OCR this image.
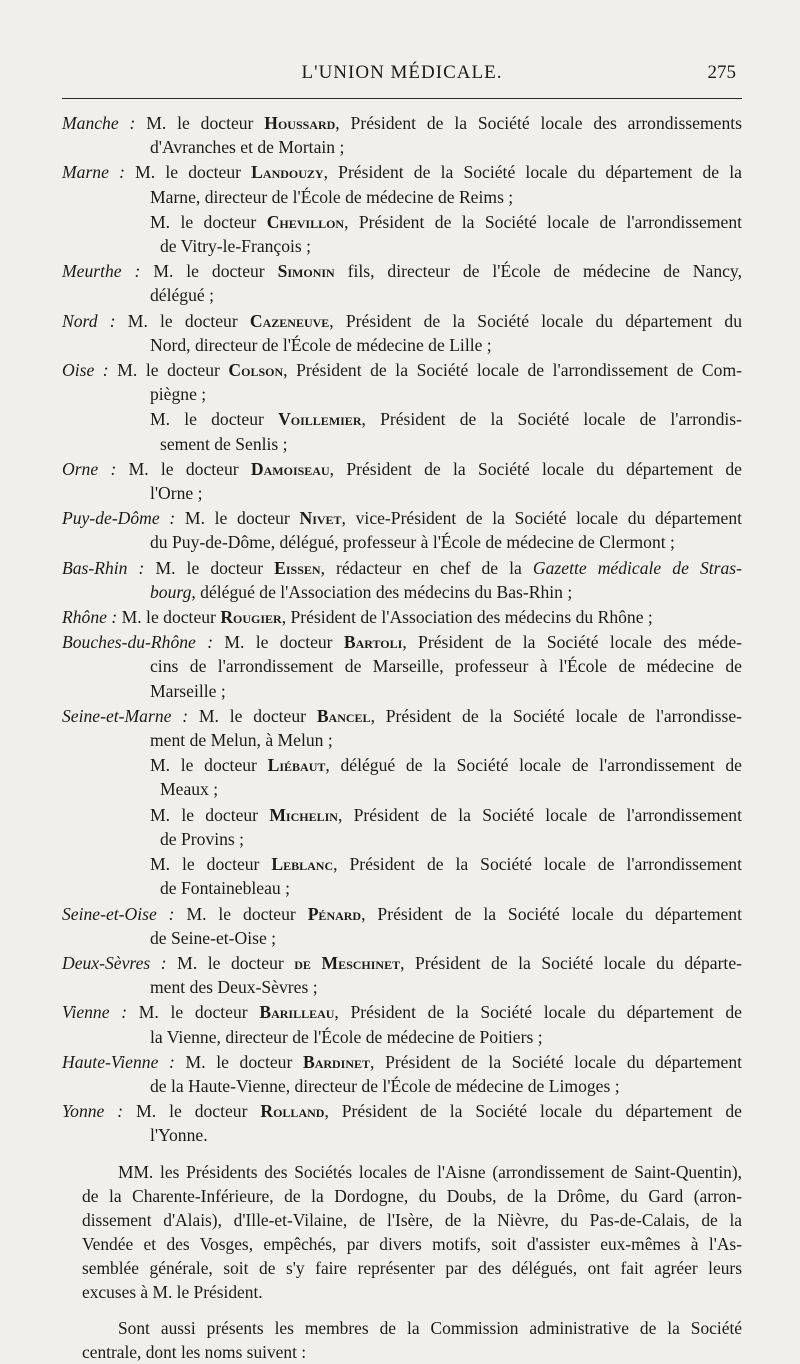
L'UNION MÉDICALE.	275
Manche : M. le docteur Houssard, Président de la Société locale des arrondissements
d'Avranches et de Mortain ;
Marne : M. le docteur Landouzy, Président de la Société locale du département de la
Marne, directeur de l'École de médecine de Reims ;
M. le docteur Chevillon, Président de la Société locale de l'arrondissement
de Vitry-le-François ;
Meurthe : M. le docteur Simonin fils, directeur de l'École de médecine de Nancy,
délégué ;
Nord : M. le docteur Cazeneuve, Président de la Société locale du département du
Nord, directeur de l'École de médecine de Lille ;
Oise : M. le docteur Colson, Président de la Société locale de l'arrondissement de Com-
piègne ;
M. le docteur Voillemier, Président de la Société locale de l'arrondis-
sement de Senlis ;
Orne : M. le docteur Damoiseau, Président de la Société locale du département de
l'Orne ;
Puy-de-Dôme : M. le docteur Nivet, vice-Président de la Société locale du département
du Puy-de-Dôme, délégué, professeur à l'École de médecine de Clermont ;
Bas-Rhin : M. le docteur Eissen, rédacteur en chef de la Gazette médicale de Stras-
bourg, délégué de l'Association des médecins du Bas-Rhin ;
Rhône : M. le docteur Rougier, Président de l'Association des médecins du Rhône ;
Bouches-du-Rhône : M. le docteur Bartoli, Président de la Société locale des méde-
cins de l'arrondissement de Marseille, professeur à l'École de médecine de
Marseille ;
Seine-et-Marne : M. le docteur Bancel, Président de la Société locale de l'arrondisse-
ment de Melun, à Melun ;
M. le docteur Liébaut, délégué de la Société locale de l'arrondissement de
Meaux ;
M. le docteur Michelin, Président de la Société locale de l'arrondissement
de Provins ;
M. le docteur Leblanc, Président de la Société locale de l'arrondissement
de Fontainebleau ;
Seine-et-Oise : M. le docteur Pénard, Président de la Société locale du département
de Seine-et-Oise ;
Deux-Sèvres : M. le docteur de Meschinet, Président de la Société locale du départe-
ment des Deux-Sèvres ;
Vienne : M. le docteur Barilleau, Président de la Société locale du département de
la Vienne, directeur de l'École de médecine de Poitiers ;
Haute-Vienne : M. le docteur Bardinet, Président de la Société locale du département
de la Haute-Vienne, directeur de l'École de médecine de Limoges ;
Yonne : M. le docteur Rolland, Président de la Société locale du département de
l'Yonne.
MM. les Présidents des Sociétés locales de l'Aisne (arrondissement de Saint-Quentin),
de la Charente-Inférieure, de la Dordogne, du Doubs, de la Drôme, du Gard (arron-
dissement d'Alais), d'Ille-et-Vilaine, de l'Isère, de la Nièvre, du Pas-de-Calais, de la
Vendée et des Vosges, empêchés, par divers motifs, soit d'assister eux-mêmes à l'As-
semblée générale, soit de s'y faire représenter par des délégués, ont fait agréer leurs
excuses à M. le Président.
Sont aussi présents les membres de la Commission administrative de la Société
centrale, dont les noms suivent :
